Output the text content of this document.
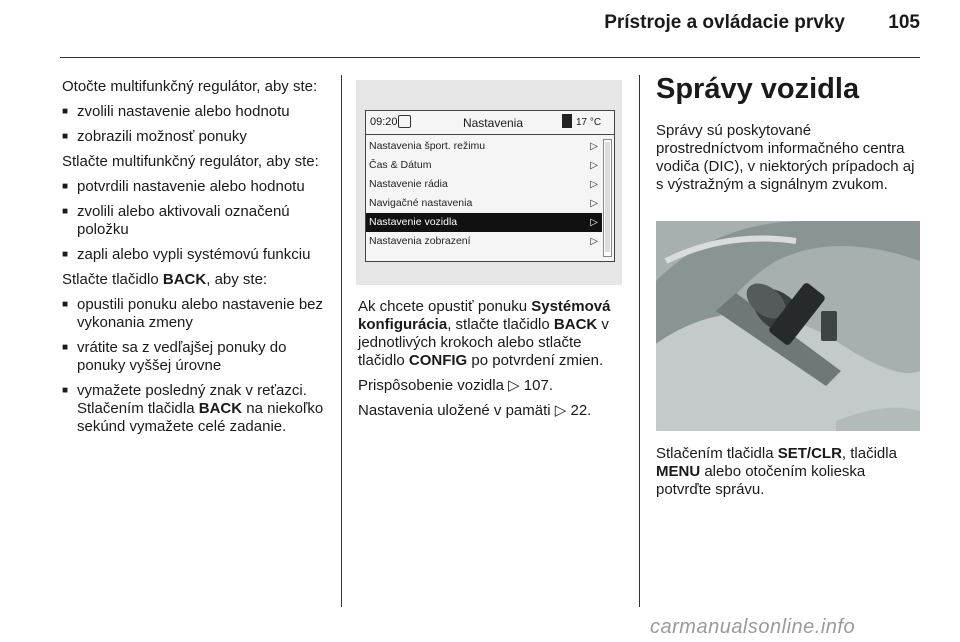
Prístroje a ovládacie prvky	105

Otočte multifunkčný regulátor, aby ste:

■ zvolili nastavenie alebo hodnotu
■ zobrazili možnosť ponuky

Stlačte multifunkčný regulátor, aby ste:

■ potvrdili nastavenie alebo hodnotu
■ zvolili alebo aktivovali označenú položku
■ zapli alebo vypli systémovú funkciu

Stlačte tlačidlo BACK, aby ste:

■ opustili ponuku alebo nastavenie bez vykonania zmeny
■ vrátite sa z vedľajšej ponuky do ponuky vyššej úrovne
■ vymažete posledný znak v reťazci. Stlačením tlačidla BACK na niekoľko sekúnd vymažete celé zadanie.
09:20	Nastavenia	17 °C
Nastavenia šport. režimu	▷
Čas & Dátum	▷
Nastavenie rádia	▷
Navigačné nastavenia	▷
Nastavenie vozidla	▷
Nastavenia zobrazení	▷

Ak chcete opustiť ponuku Systémová konfigurácia, stlačte tlačidlo BACK v jednotlivých krokoch alebo stlačte tlačidlo CONFIG po potvrdení zmien.

Prispôsobenie vozidla ▷ 107.

Nastavenia uložené v pamäti ▷ 22.

Správy vozidla

Správy sú poskytované prostredníctvom informačného centra vodiča (DIC), v niektorých prípadoch aj s výstražným a signálnym zvukom.

Stlačením tlačidla SET/CLR, tlačidla MENU alebo otočením kolieska potvrďte správu.
carmanualsonline.info
